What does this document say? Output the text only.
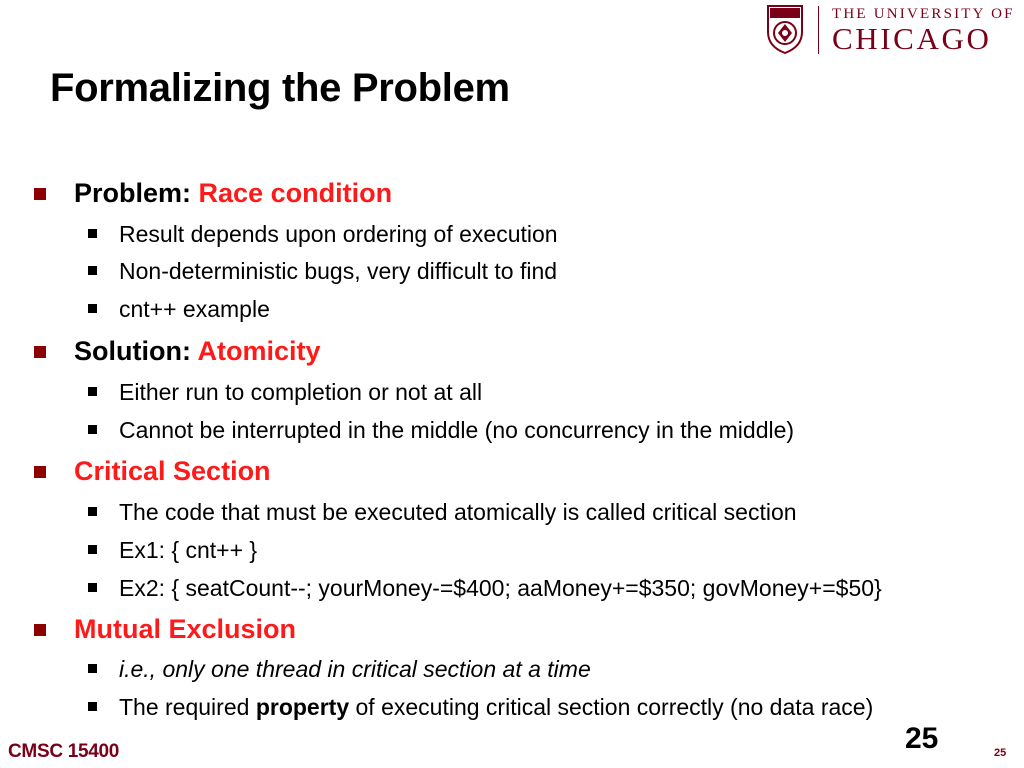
THE UNIVERSITY OF
CHICAGO
Formalizing the Problem
Problem: Race condition
Result depends upon ordering of execution
Non-deterministic bugs, very difficult to find
cnt++ example
Solution: Atomicity
Either run to completion or not at all
Cannot be interrupted in the middle (no concurrency in the middle)
Critical Section
The code that must be executed atomically is called critical section
Ex1: { cnt++ }
Ex2: { seatCount--; yourMoney-=$400; aaMoney+=$350; govMoney+=$50}
Mutual Exclusion
i.e., only one thread in critical section at a time
The required property of executing critical section correctly (no data race)
CMSC 15400	25	25
